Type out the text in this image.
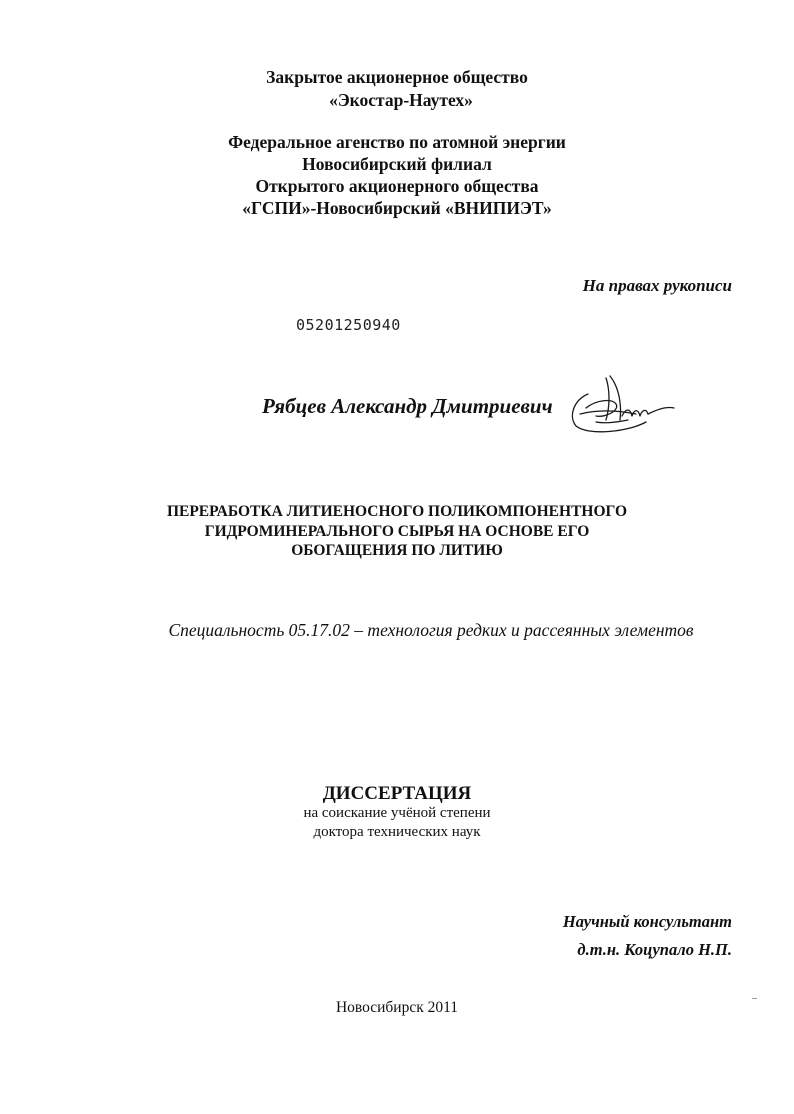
Закрытое акционерное общество
«Экостар-Наутех»
Федеральное агенство по атомной энергии
Новосибирский филиал
Открытого акционерного общества
«ГСПИ»-Новосибирский «ВНИПИЭТ»
На правах рукописи
05201250940
Рябцев Александр Дмитриевич
ПЕРЕРАБОТКА ЛИТИЕНОСНОГО ПОЛИКОМПОНЕНТНОГО
ГИДРОМИНЕРАЛЬНОГО СЫРЬЯ НА ОСНОВЕ ЕГО
ОБОГАЩЕНИЯ ПО ЛИТИЮ
Специальность 05.17.02 – технология редких и рассеянных элементов
ДИССЕРТАЦИЯ
на соискание учёной степени
доктора технических наук
Научный консультант
д.т.н. Коцупало Н.П.
Новосибирск 2011
